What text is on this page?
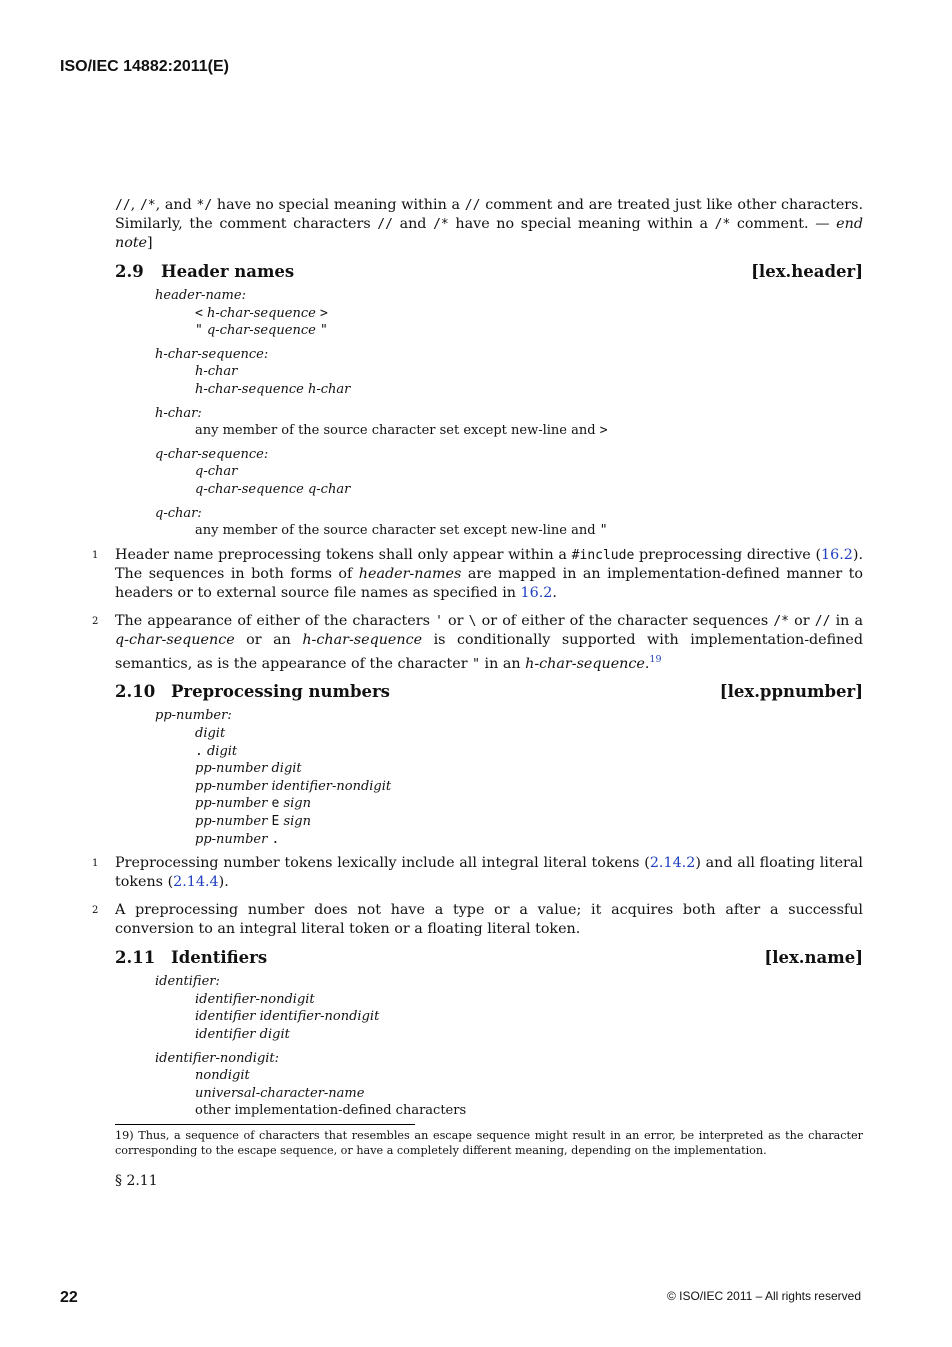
ISO/IEC 14882:2011(E)

//, /*, and */ have no special meaning within a // comment and are treated just like other characters. Similarly, the comment characters // and /* have no special meaning within a /* comment. — end note]

2.9 Header names	[lex.header]
header-name:
< h-char-sequence >
" q-char-sequence "
h-char-sequence:
h-char
h-char-sequence h-char
h-char:
any member of the source character set except new-line and >
q-char-sequence:
q-char
q-char-sequence q-char
q-char:
any member of the source character set except new-line and "

1 Header name preprocessing tokens shall only appear within a #include preprocessing directive (16.2). The sequences in both forms of header-names are mapped in an implementation-defined manner to headers or to external source file names as specified in 16.2.

2 The appearance of either of the characters ' or \ or of either of the character sequences /* or // in a q-char-sequence or an h-char-sequence is conditionally supported with implementation-defined semantics, as is the appearance of the character " in an h-char-sequence.$^{19}$

2.10 Preprocessing numbers	[lex.ppnumber]
pp-number:
digit
. digit
pp-number digit
pp-number identifier-nondigit
pp-number e sign
pp-number E sign
pp-number .

1 Preprocessing number tokens lexically include all integral literal tokens (2.14.2) and all floating literal tokens (2.14.4).

2 A preprocessing number does not have a type or a value; it acquires both after a successful conversion to an integral literal token or a floating literal token.

2.11 Identifiers	[lex.name]
identifier:
identifier-nondigit
identifier identifier-nondigit
identifier digit
identifier-nondigit:
nondigit
universal-character-name
other implementation-defined characters

19) Thus, a sequence of characters that resembles an escape sequence might result in an error, be interpreted as the character corresponding to the escape sequence, or have a completely different meaning, depending on the implementation.

§ 2.11
22	© ISO/IEC 2011 – All rights reserved
